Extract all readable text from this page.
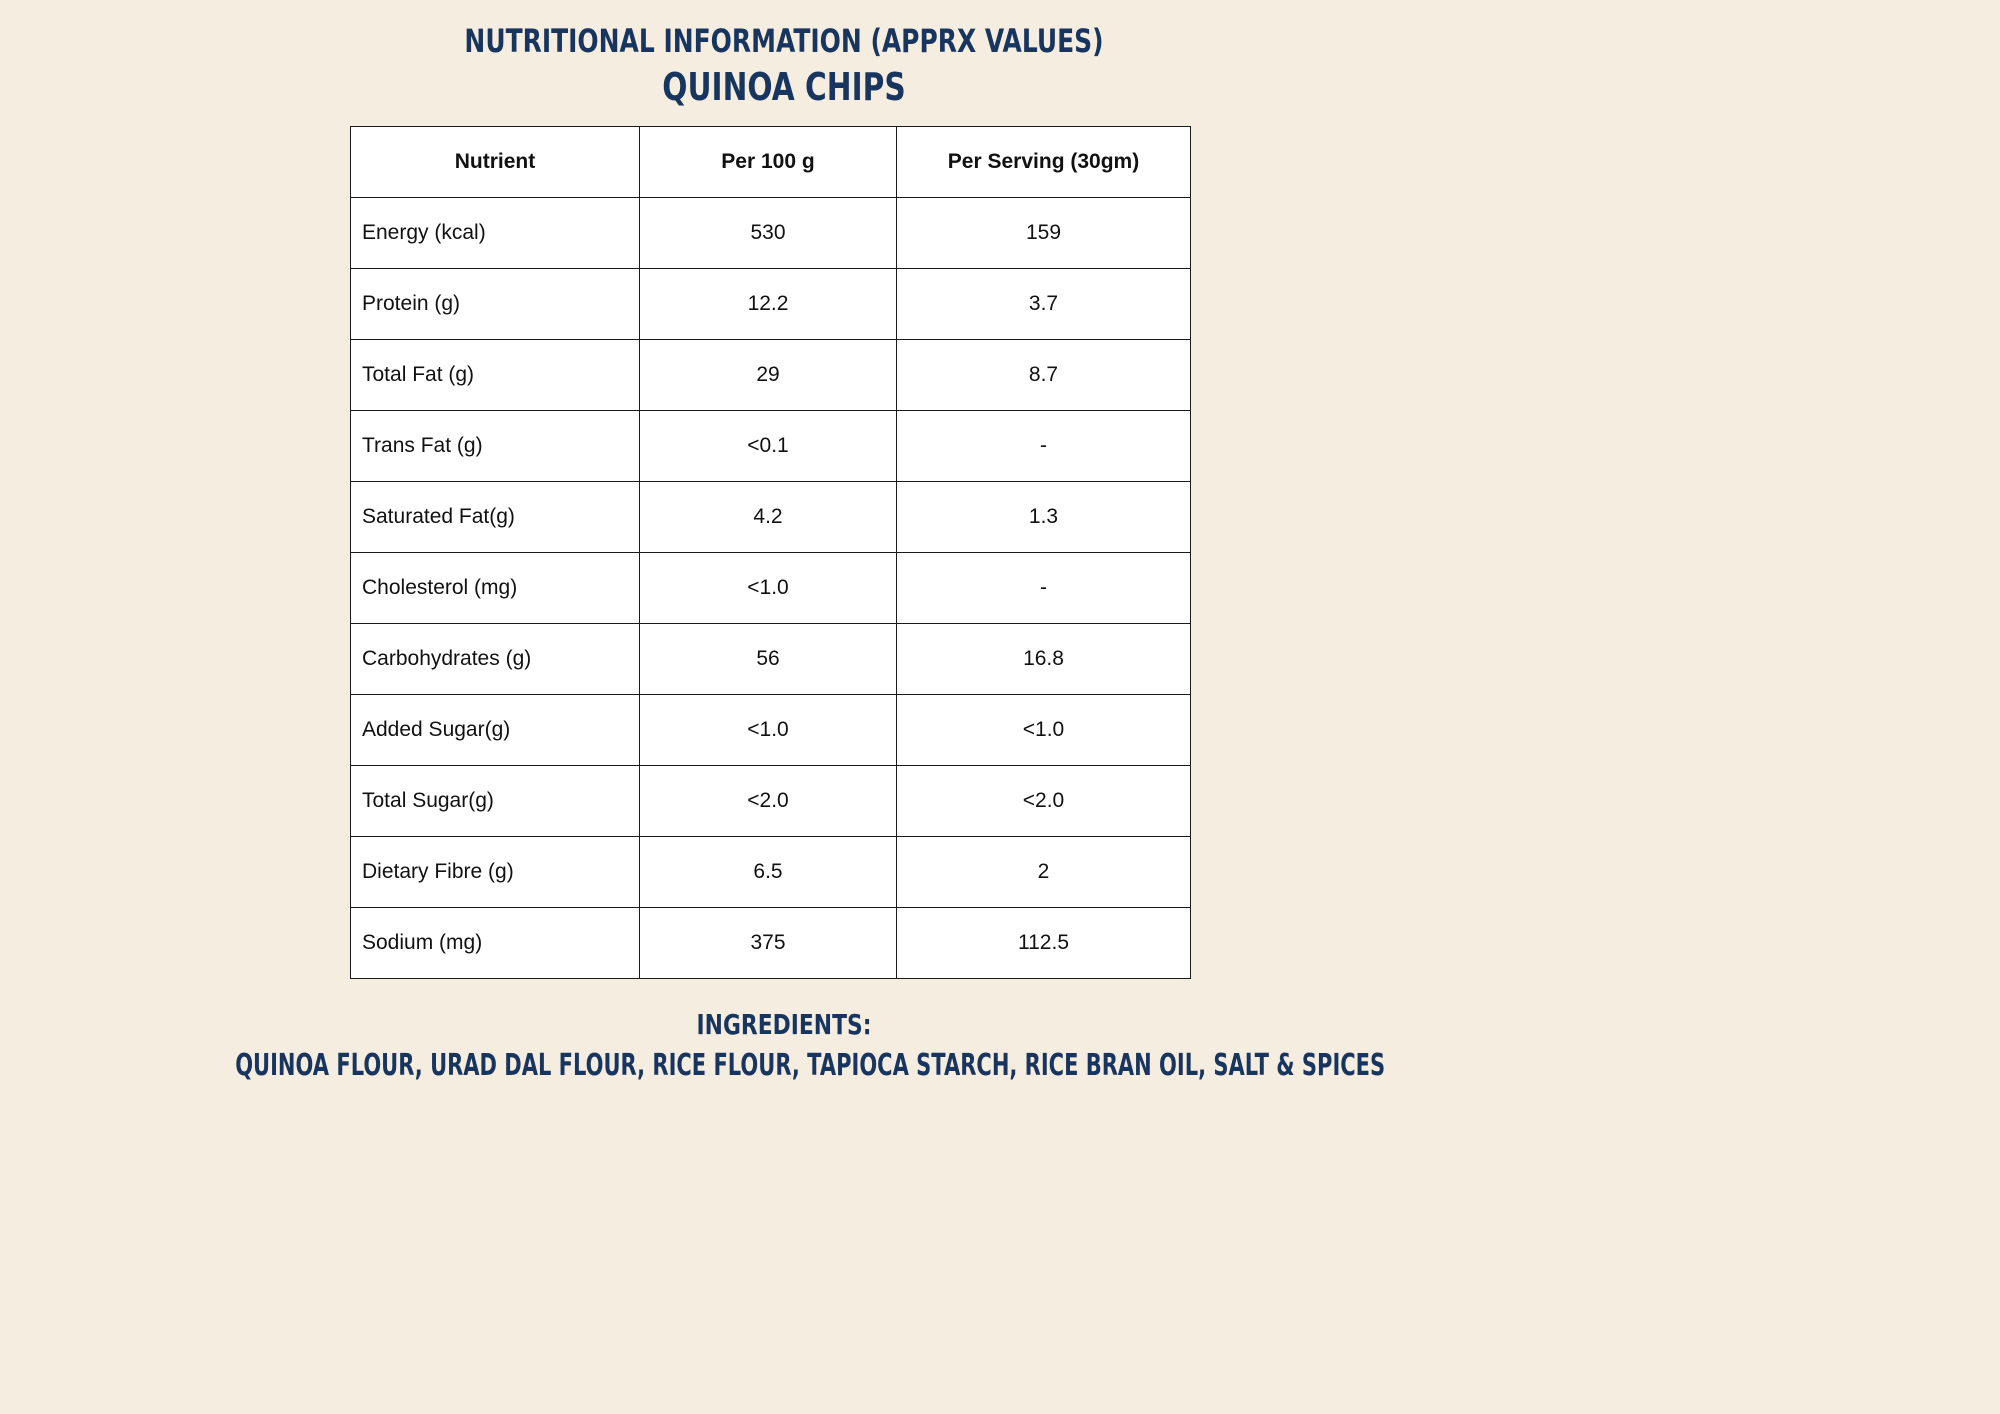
NUTRITIONAL INFORMATION (APPRX VALUES)
QUINOA CHIPS
Nutrient	Per 100 g	Per Serving (30gm)
Energy (kcal)	530	159
Protein (g)	12.2	3.7
Total Fat (g)	29	8.7
Trans Fat (g)	<0.1	-
Saturated Fat(g)	4.2	1.3
Cholesterol (mg)	<1.0	-
Carbohydrates (g)	56	16.8
Added Sugar(g)	<1.0	<1.0
Total Sugar(g)	<2.0	<2.0
Dietary Fibre (g)	6.5	2
Sodium (mg)	375	112.5
INGREDIENTS:
QUINOA FLOUR, URAD DAL FLOUR, RICE FLOUR, TAPIOCA STARCH, RICE BRAN OIL, SALT & SPICES
